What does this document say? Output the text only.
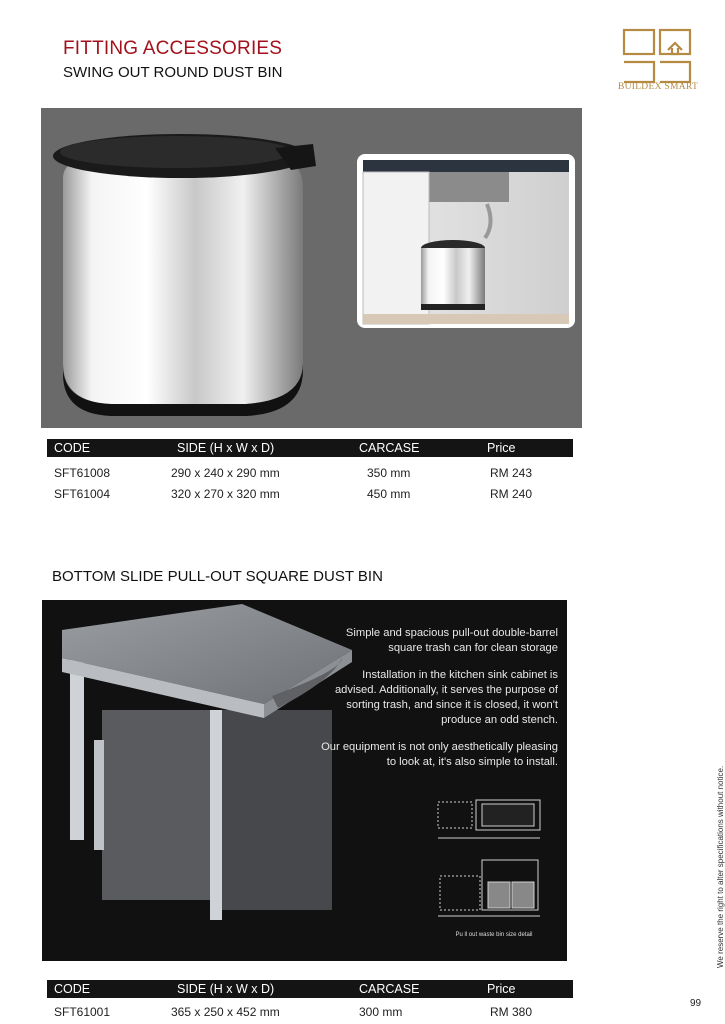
FITTING ACCESSORIES
SWING OUT ROUND DUST BIN
BUILDEX SMART
CODE	SIDE (H x W x D)	CARCASE	Price
SFT61008	290 x 240 x 290 mm	350 mm	RM 243
SFT61004	320 x 270 x 320 mm	450 mm	RM 240
BOTTOM SLIDE PULL-OUT SQUARE DUST BIN

Simple and spacious pull-out double-barrel square trash can for clean storage

Installation in the kitchen sink cabinet is advised. Additionally, it serves the purpose of sorting trash, and since it is closed, it won't produce an odd stench.

Our equipment is not only aesthetically pleasing to look at, it's also simple to install.

Pu ll out waste bin size detail
CODE	SIDE (H x W x D)	CARCASE	Price
SFT61001	365 x 250 x 452 mm	300 mm	RM 380
We reserve the right to alter specifications without notice.
99
